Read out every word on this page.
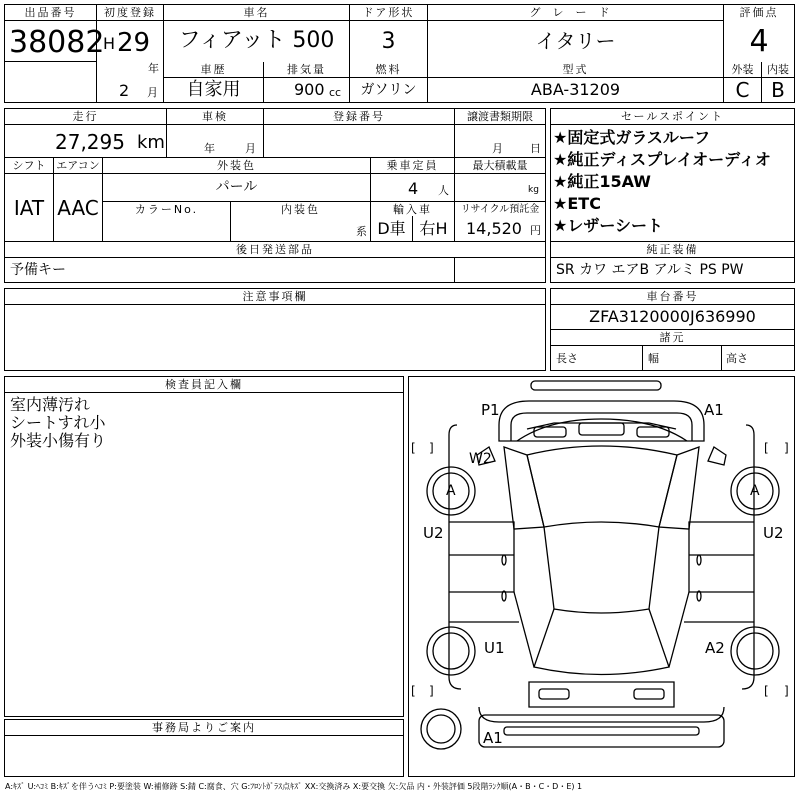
出品番号
38082
初度登録
H 29
年
2 月
車名
フィアット 500
ドア形状
3
グレード
イタリー
評価点
4
車歴
自家用
排気量
900 cc
燃料
ガソリン
型式
ABA-31209
外装	内装
C	B
走行
27,295 km
車検
年	月
登録番号	譲渡書類期限
月 日
シフト エアコン
IAT AAC
外装色
パール
乗車定員
4 人
最大積載量
kg
カラーNo.	内装色
系
輸入車
D車 右H
リサイクル預託金
14,520 円
後日発送部品
予備キー
セールスポイント
★固定式ガラスルーフ
★純正ディスプレイオーディオ
★純正15AW
★ETC
★レザーシート
純正装備
SR カワ エアB アルミ PS PW
注意事項欄	車台番号
ZFA3120000J636990
諸元
長さ	幅	高さ
検査員記入欄
室内薄汚れ
シートすれ小
外装小傷有り
事務局よりご案内
[ ]	[ ]
[ ]	[ ]
P1	A1
W2
A	A
U2	U2
U1	A2
A1
A:ｷｽﾞ U:ﾍｺﾐ B:ｷｽﾞを伴うﾍｺﾐ P:要塗装 W:補修跡 S:錆 C:腐食、穴 G:ﾌﾛﾝﾄｶﾞﾗｽ点ｷｽﾞ XX:交換済み X:要交換 欠:欠品 内・外装評価 5段階ﾗﾝｸ順(A・B・C・D・E) 1
